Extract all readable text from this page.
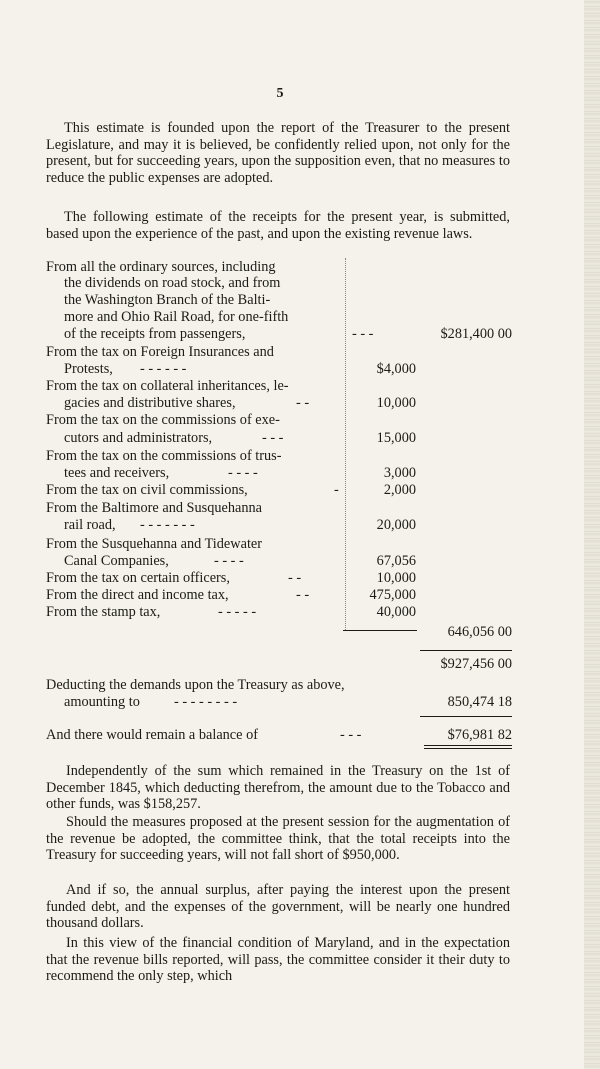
5
This estimate is founded upon the report of the Treasurer to the present Legislature, and may it is believed, be confidently relied upon, not only for the present, but for succeeding years, upon the supposition even, that no measures to reduce the public expenses are adopted.
The following estimate of the receipts for the present year, is submitted, based upon the experience of the past, and upon the existing revenue laws.
From all the ordinary sources, including
the dividends on road stock, and from
the Washington Branch of the Balti-
more and Ohio Rail Road, for one-fifth
of the receipts from passengers,	- - -	$281,400 00
From the tax on Foreign Insurances and
Protests, - - - - - -	$4,000
From the tax on collateral inheritances, le-
gacies and distributive shares,	- -	10,000
From the tax on the commissions of exe-
cutors and administrators,	- - -	15,000
From the tax on the commissions of trus-
tees and receivers,	- - - -	3,000
From the tax on civil commissions,	-	2,000
From the Baltimore and Susquehanna
rail road, - - - - - - -	20,000
From the Susquehanna and Tidewater
Canal Companies,	- - - -	67,056
From the tax on certain officers,	- -	10,000
From the direct and income tax,	- -	475,000
From the stamp tax,	- - - - -	40,000
646,056 00
$927,456 00
Deducting the demands upon the Treasury as above,
amounting to - - - - - - - -	850,474 18
And there would remain a balance of	- - -	$76,981 82
Independently of the sum which remained in the Treasury on the 1st of December 1845, which deducting therefrom, the amount due to the Tobacco and other funds, was $158,257.
Should the measures proposed at the present session for the augmentation of the revenue be adopted, the committee think, that the total receipts into the Treasury for succeeding years, will not fall short of $950,000.
And if so, the annual surplus, after paying the interest upon the present funded debt, and the expenses of the government, will be nearly one hundred thousand dollars.
In this view of the financial condition of Maryland, and in the expectation that the revenue bills reported, will pass, the committee consider it their duty to recommend the only step, which
